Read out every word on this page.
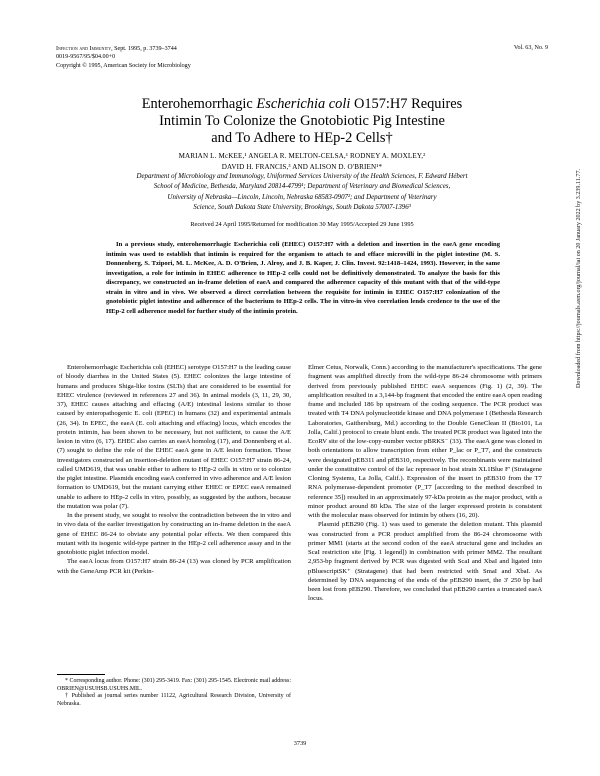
Infection and Immunity, Sept. 1995, p. 3739–3744
0019-9567/95/$04.00+0
Copyright © 1995, American Society for Microbiology
Vol. 63, No. 9
Enterohemorrhagic Escherichia coli O157:H7 Requires
Intimin To Colonize the Gnotobiotic Pig Intestine
and To Adhere to HEp-2 Cells†
MARIAN L. McKEE,¹ ANGELA R. MELTON-CELSA,¹ RODNEY A. MOXLEY,²
DAVID H. FRANCIS,³ AND ALISON D. O'BRIEN¹*
Department of Microbiology and Immunology, Uniformed Services University of the Health Sciences, F. Edward Hébert
School of Medicine, Bethesda, Maryland 20814-4799¹; Department of Veterinary and Biomedical Sciences,
University of Nebraska—Lincoln, Lincoln, Nebraska 68583-0907²; and Department of Veterinary
Science, South Dakota State University, Brookings, South Dakota 57007-1396³
Received 24 April 1995/Returned for modification 30 May 1995/Accepted 29 June 1995

In a previous study, enterohemorrhagic Escherichia coli (EHEC) O157:H7 with a deletion and insertion in the eaeA gene encoding intimin was used to establish that intimin is required for the organism to attach to and efface microvilli in the piglet intestine (M. S. Donnenberg, S. Tzipori, M. L. McKee, A. D. O'Brien, J. Alroy, and J. B. Kaper, J. Clin. Invest. 92:1418–1424, 1993). However, in the same investigation, a role for intimin in EHEC adherence to HEp-2 cells could not be definitively demonstrated. To analyze the basis for this discrepancy, we constructed an in-frame deletion of eaeA and compared the adherence capacity of this mutant with that of the wild-type strain in vitro and in vivo. We observed a direct correlation between the requisite for intimin in EHEC O157:H7 colonization of the gnotobiotic piglet intestine and adherence of the bacterium to HEp-2 cells. The in vitro-in vivo correlation lends credence to the use of the HEp-2 cell adherence model for further study of the intimin protein.

Enterohemorrhagic Escherichia coli (EHEC) serotype O157:H7 is the leading cause of bloody diarrhea in the United States (5). EHEC colonizes the large intestine of humans and produces Shiga-like toxins (SLTs) that are considered to be essential for EHEC virulence (reviewed in references 27 and 36). In animal models (3, 11, 29, 30, 37), EHEC causes attaching and effacing (A/E) intestinal lesions similar to those caused by enteropathogenic E. coli (EPEC) in humans (32) and experimental animals (26, 34). In EPEC, the eaeA (E. coli attaching and effacing) locus, which encodes the protein intimin, has been shown to be necessary, but not sufficient, to cause the A/E lesion in vitro (6, 17). EHEC also carries an eaeA homolog (17), and Donnenberg et al. (7) sought to define the role of the EHEC eaeA gene in A/E lesion formation. Those investigators constructed an insertion-deletion mutant of EHEC O157:H7 strain 86-24, called UMD619, that was unable either to adhere to HEp-2 cells in vitro or to colonize the piglet intestine. Plasmids encoding eaeA conferred in vivo adherence and A/E lesion formation to UMD619, but the mutant carrying either EHEC or EPEC eaeA remained unable to adhere to HEp-2 cells in vitro, possibly, as suggested by the authors, because the mutation was polar (7).

In the present study, we sought to resolve the contradiction between the in vitro and in vivo data of the earlier investigation by constructing an in-frame deletion in the eaeA gene of EHEC 86-24 to obviate any potential polar effects. We then compared this mutant with its isogenic wild-type partner in the HEp-2 cell adherence assay and in the gnotobiotic piglet infection model.

The eaeA locus from O157:H7 strain 86-24 (13) was cloned by PCR amplification with the GeneAmp PCR kit (Perkin-

* Corresponding author. Phone: (301) 295-3419. Fax: (301) 295-1545. Electronic mail address: OBRIEN@USUHSB.USUHS.MIL.

† Published as journal series number 11122, Agricultural Research Division, University of Nebraska.

Elmer Cetus, Norwalk, Conn.) according to the manufacturer's specifications. The gene fragment was amplified directly from the wild-type 86-24 chromosome with primers derived from previously published EHEC eaeA sequences (Fig. 1) (2, 39). The amplification resulted in a 3,144-bp fragment that encoded the entire eaeA open reading frame and included 186 bp upstream of the coding sequence. The PCR product was treated with T4 DNA polynucleotide kinase and DNA polymerase I (Bethesda Research Laboratories, Gaithersburg, Md.) according to the Double GeneClean II (Bio101, La Jolla, Calif.) protocol to create blunt ends. The treated PCR product was ligated into the EcoRV site of the low-copy-number vector pBRKS⁻ (33). The eaeA gene was cloned in both orientations to allow transcription from either P_lac or P_T7, and the constructs were designated pEB311 and pEB310, respectively. The recombinants were maintained under the constitutive control of the lac repressor in host strain XL1Blue F' (Stratagene Cloning Systems, La Jolla, Calif.). Expression of the insert in pEB310 from the T7 RNA polymerase-dependent promoter (P_T7 [according to the method described in reference 35]) resulted in an approximately 97-kDa protein as the major product, with a minor product around 80 kDa. The size of the larger expressed protein is consistent with the molecular mass observed for intimin by others (16, 20).

Plasmid pEB290 (Fig. 1) was used to generate the deletion mutant. This plasmid was constructed from a PCR product amplified from the 86-24 chromosome with primer MM1 (starts at the second codon of the eaeA structural gene and includes an ScaI restriction site [Fig. 1 legend]) in combination with primer MM2. The resultant 2,953-bp fragment derived by PCR was digested with ScaI and XbaI and ligated into pBluescriptSK⁺ (Stratagene) that had been restricted with SmaI and XbaI. As determined by DNA sequencing of the ends of the pEB290 insert, the 3' 250 bp had been lost from pEB290. Therefore, we concluded that pEB290 carries a truncated eaeA locus.

3739
Downloaded from https://journals.asm.org/journal/iai on 20 January 2022 by 3.239.11.77.
